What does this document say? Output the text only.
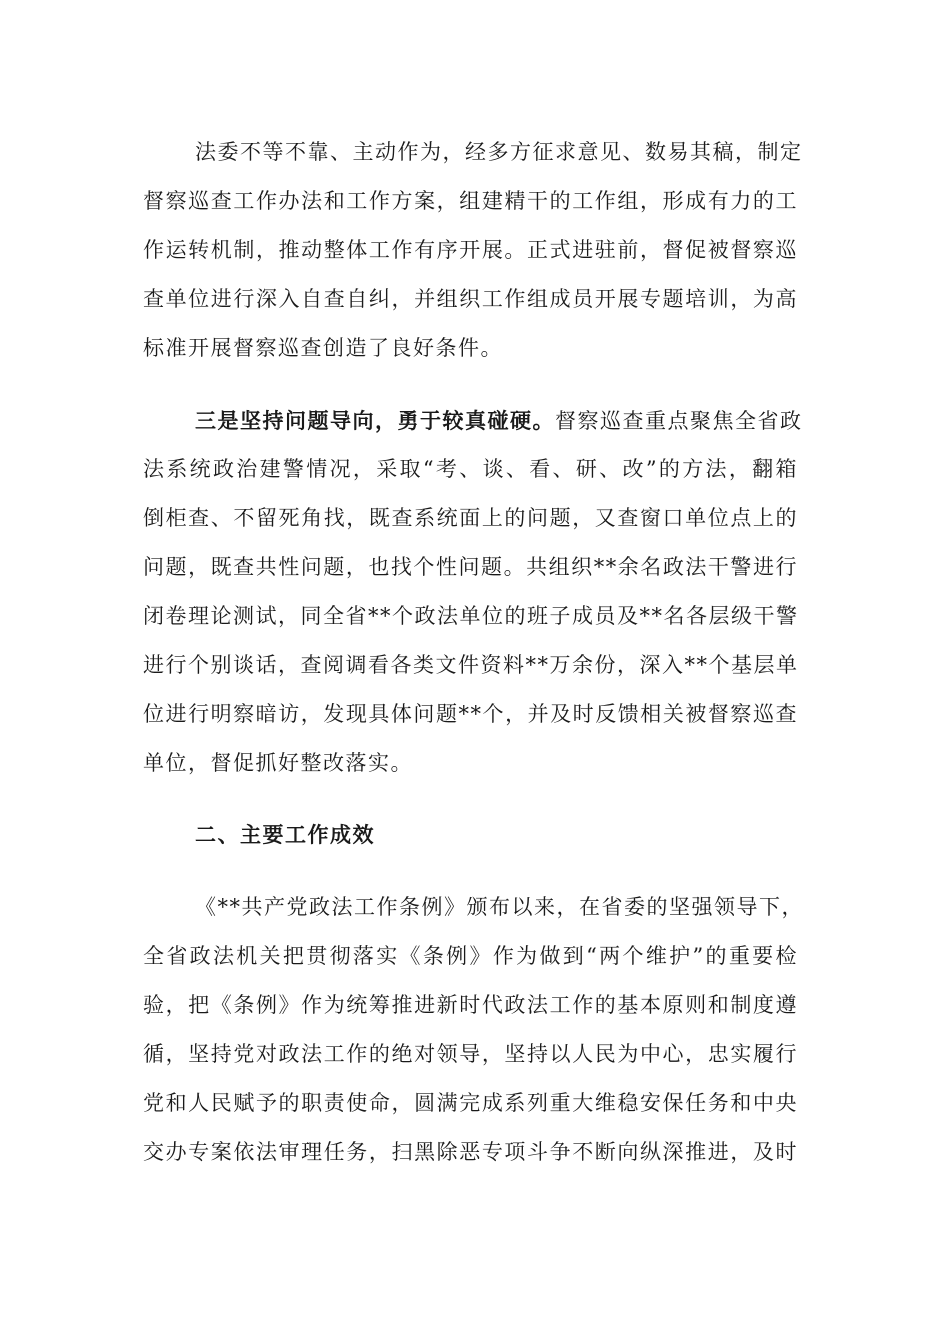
法委不等不靠、主动作为，经多方征求意见、数易其稿，制定
督察巡查工作办法和工作方案，组建精干的工作组，形成有力的工
作运转机制，推动整体工作有序开展。正式进驻前，督促被督察巡
查单位进行深入自查自纠，并组织工作组成员开展专题培训，为高
标准开展督察巡查创造了良好条件。
三是坚持问题导向，勇于较真碰硬。督察巡查重点聚焦全省政
法系统政治建警情况，采取“考、谈、看、研、改”的方法，翻箱
倒柜查、不留死角找，既查系统面上的问题，又查窗口单位点上的
问题，既查共性问题，也找个性问题。共组织**余名政法干警进行
闭卷理论测试，同全省**个政法单位的班子成员及**名各层级干警
进行个别谈话，查阅调看各类文件资料**万余份，深入**个基层单
位进行明察暗访，发现具体问题**个，并及时反馈相关被督察巡查
单位，督促抓好整改落实。
二、主要工作成效
《**共产党政法工作条例》颁布以来，在省委的坚强领导下，
全省政法机关把贯彻落实《条例》作为做到“两个维护”的重要检
验，把《条例》作为统筹推进新时代政法工作的基本原则和制度遵
循，坚持党对政法工作的绝对领导，坚持以人民为中心，忠实履行
党和人民赋予的职责使命，圆满完成系列重大维稳安保任务和中央
交办专案依法审理任务，扫黑除恶专项斗争不断向纵深推进，及时
